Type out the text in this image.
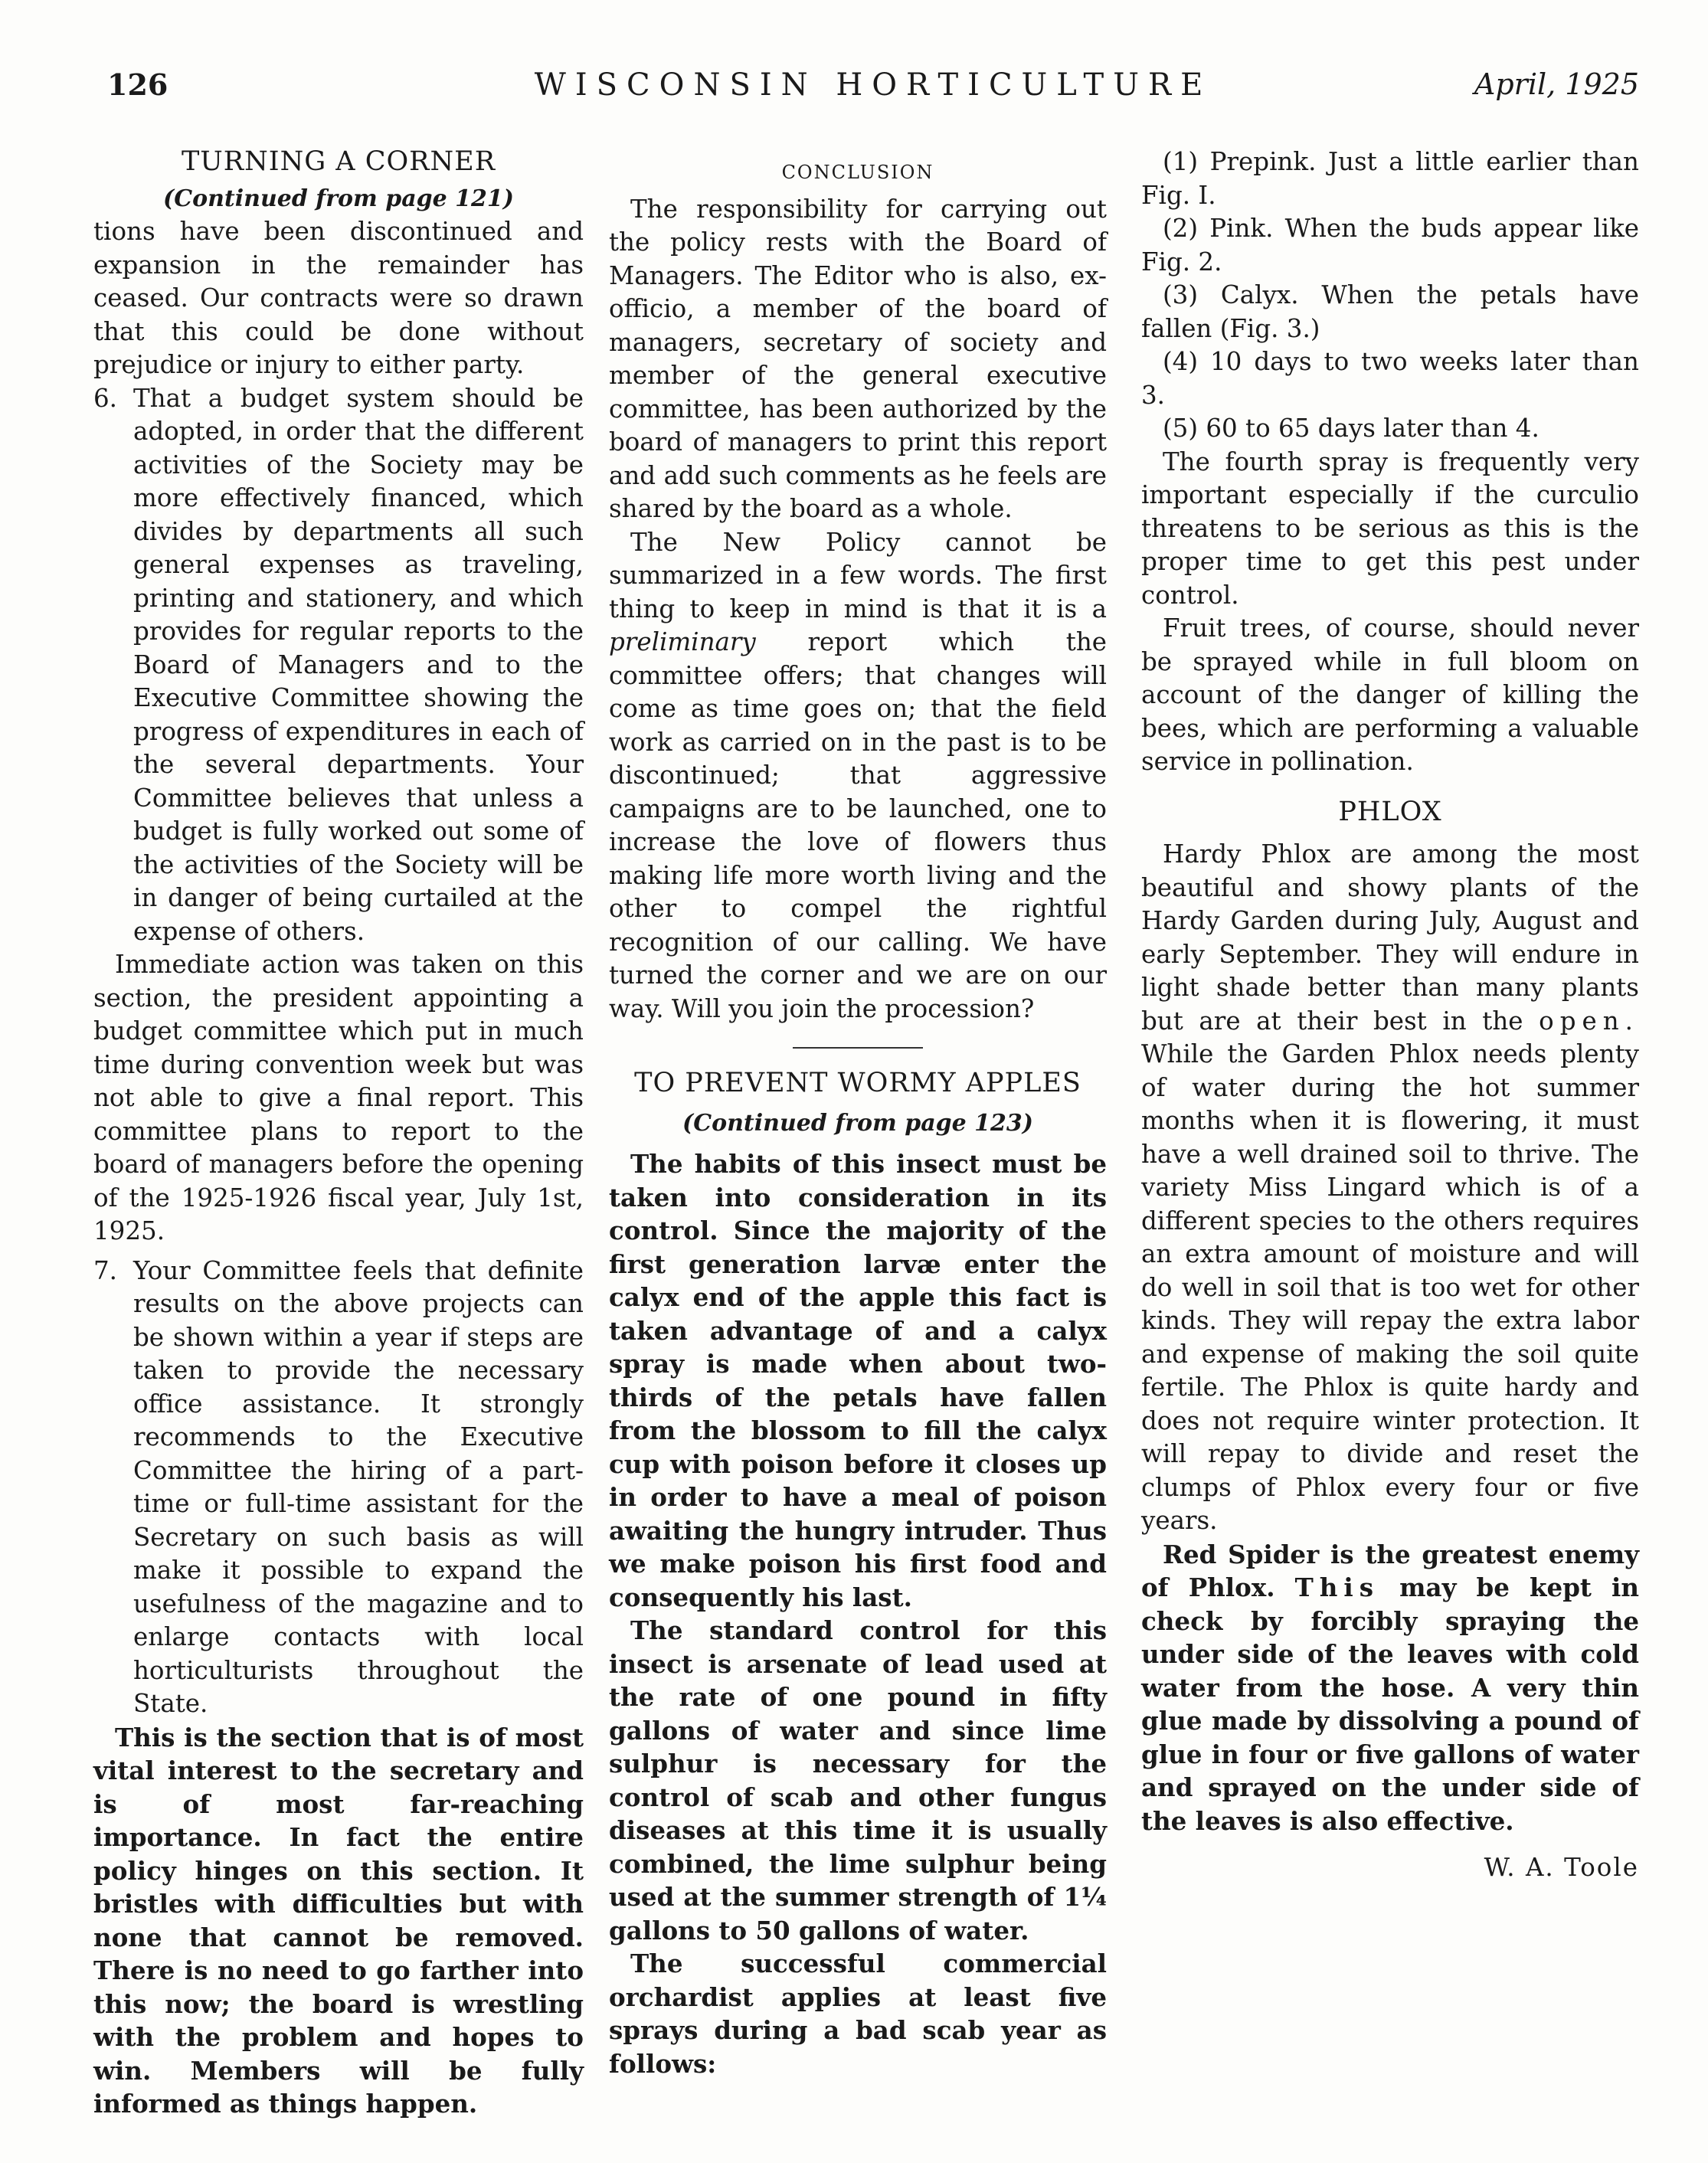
126	WISCONSIN HORTICULTURE	April, 1925
TURNING A CORNER
(Continued from page 121)

tions have been discontinued and expansion in the remainder has ceased. Our contracts were so drawn that this could be done without prejudice or injury to either party.

6. That a budget system should be adopted, in order that the different activities of the Society may be more effectively financed, which divides by departments all such general expenses as traveling, printing and stationery, and which provides for regular reports to the Board of Managers and to the Executive Committee showing the progress of expenditures in each of the several departments. Your Committee believes that unless a budget is fully worked out some of the activities of the Society will be in danger of being curtailed at the expense of others.

Immediate action was taken on this section, the president appointing a budget committee which put in much time during convention week but was not able to give a final report. This committee plans to report to the board of managers before the opening of the 1925-1926 fiscal year, July 1st, 1925.

7. Your Committee feels that definite results on the above projects can be shown within a year if steps are taken to provide the necessary office assistance. It strongly recommends to the Executive Committee the hiring of a part-time or full-time assistant for the Secretary on such basis as will make it possible to expand the usefulness of the magazine and to enlarge contacts with local horticulturists throughout the State.

This is the section that is of most vital interest to the secretary and is of most far-reaching importance. In fact the entire policy hinges on this section. It bristles with difficulties but with none that cannot be removed. There is no need to go farther into this now; the board is wrestling with the problem and hopes to win. Members will be fully informed as things happen.

CONCLUSION

The responsibility for carrying out the policy rests with the Board of Managers. The Editor who is also, ex-officio, a member of the board of managers, secretary of society and member of the general executive committee, has been authorized by the board of managers to print this report and add such comments as he feels are shared by the board as a whole.

The New Policy cannot be summarized in a few words. The first thing to keep in mind is that it is a preliminary report which the committee offers; that changes will come as time goes on; that the field work as carried on in the past is to be discontinued; that aggressive campaigns are to be launched, one to increase the love of flowers thus making life more worth living and the other to compel the rightful recognition of our calling. We have turned the corner and we are on our way. Will you join the procession?

TO PREVENT WORMY APPLES
(Continued from page 123)

The habits of this insect must be taken into consideration in its control. Since the majority of the first generation larvæ enter the calyx end of the apple this fact is taken advantage of and a calyx spray is made when about two-thirds of the petals have fallen from the blossom to fill the calyx cup with poison before it closes up in order to have a meal of poison awaiting the hungry intruder. Thus we make poison his first food and consequently his last.

The standard control for this insect is arsenate of lead used at the rate of one pound in fifty gallons of water and since lime sulphur is necessary for the control of scab and other fungus diseases at this time it is usually combined, the lime sulphur being used at the summer strength of 1¼ gallons to 50 gallons of water.

The successful commercial orchardist applies at least five sprays during a bad scab year as follows:

(1) Prepink. Just a little earlier than Fig. I.

(2) Pink. When the buds appear like Fig. 2.

(3) Calyx. When the petals have fallen (Fig. 3.)

(4) 10 days to two weeks later than 3.

(5) 60 to 65 days later than 4.

The fourth spray is frequently very important especially if the curculio threatens to be serious as this is the proper time to get this pest under control.

Fruit trees, of course, should never be sprayed while in full bloom on account of the danger of killing the bees, which are performing a valuable service in pollination.

PHLOX

Hardy Phlox are among the most beautiful and showy plants of the Hardy Garden during July, August and early September. They will endure in light shade better than many plants but are at their best in the open. While the Garden Phlox needs plenty of water during the hot summer months when it is flowering, it must have a well drained soil to thrive. The variety Miss Lingard which is of a different species to the others requires an extra amount of moisture and will do well in soil that is too wet for other kinds. They will repay the extra labor and expense of making the soil quite fertile. The Phlox is quite hardy and does not require winter protection. It will repay to divide and reset the clumps of Phlox every four or five years.

Red Spider is the greatest enemy of Phlox. This may be kept in check by forcibly spraying the under side of the leaves with cold water from the hose. A very thin glue made by dissolving a pound of glue in four or five gallons of water and sprayed on the under side of the leaves is also effective.

W. A. Toole
